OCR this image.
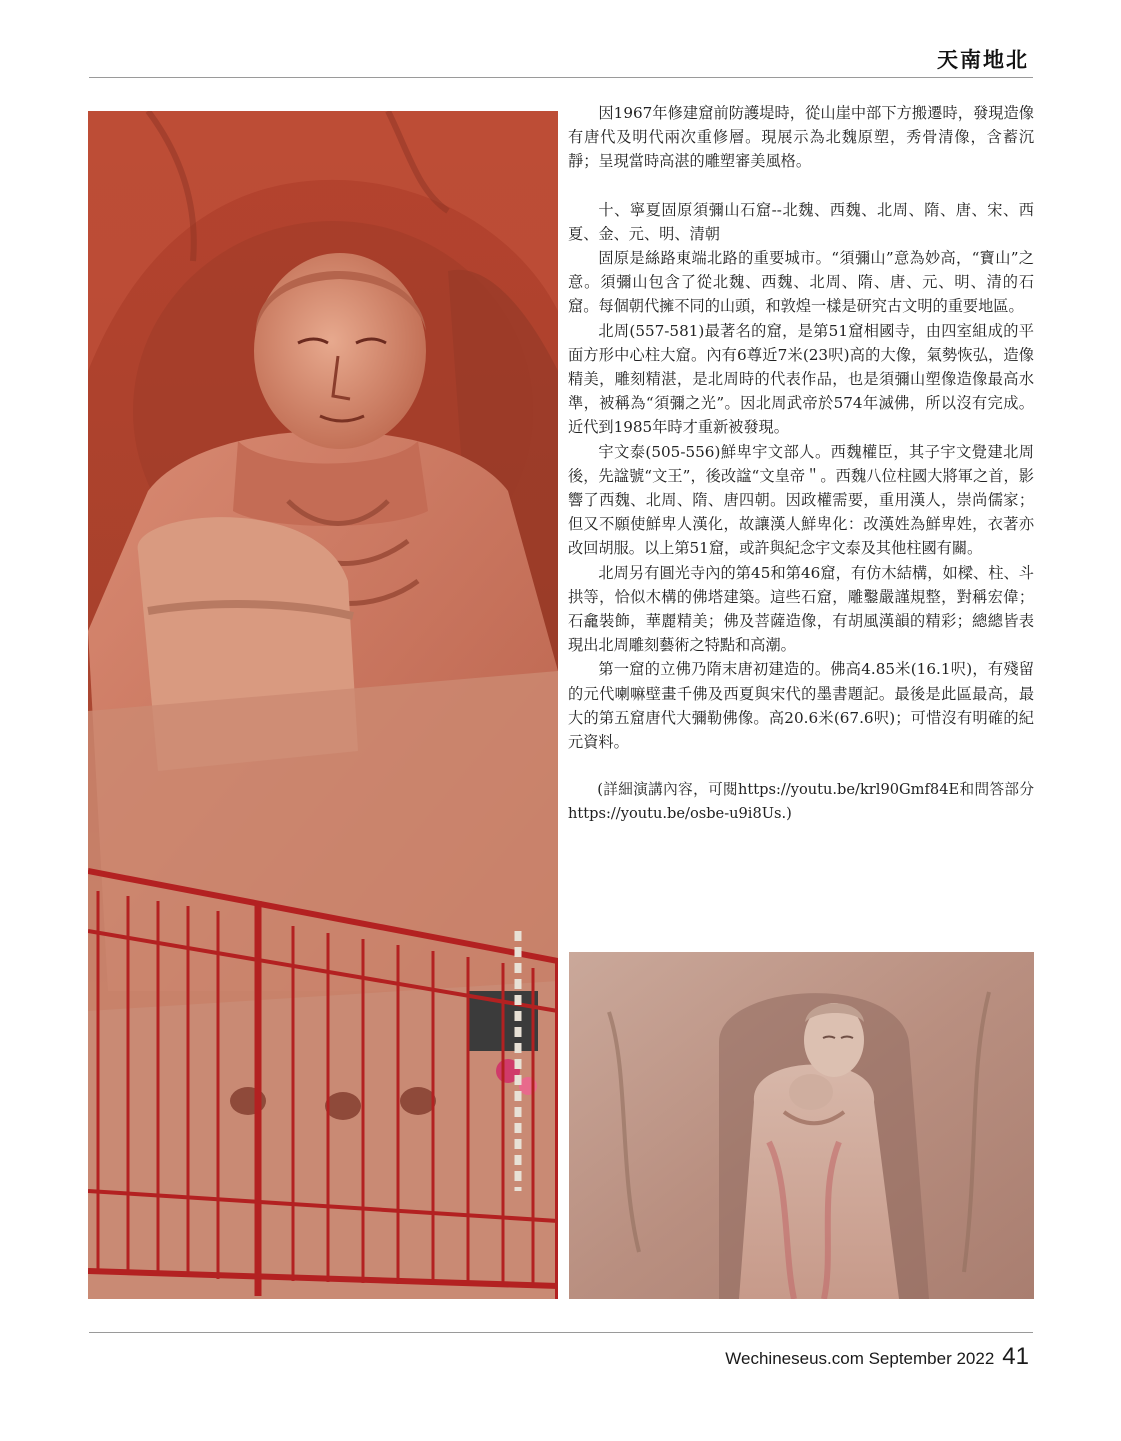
天南地北

因1967年修建窟前防護堤時，從山崖中部下方搬遷時，發現造像有唐代及明代兩次重修層。現展示為北魏原塑，秀骨清像，含蓄沉靜；呈現當時高湛的雕塑審美風格。

十、寧夏固原須彌山石窟--北魏、西魏、北周、隋、唐、宋、西夏、金、元、明、清朝

固原是絲路東端北路的重要城市。“須彌山”意為妙高，“寶山”之意。須彌山包含了從北魏、西魏、北周、隋、唐、元、明、清的石窟。每個朝代擁不同的山頭，和敦煌一樣是研究古文明的重要地區。

北周(557-581)最著名的窟，是第51窟相國寺，由四室組成的平面方形中心柱大窟。內有6尊近7米(23呎)高的大像，氣勢恢弘，造像精美，雕刻精湛，是北周時的代表作品，也是須彌山塑像造像最高水準，被稱為“須彌之光”。因北周武帝於574年滅佛，所以沒有完成。近代到1985年時才重新被發現。

宇文泰(505-556)鮮卑宇文部人。西魏權臣，其子宇文覺建北周後，先諡號“文王”，後改諡“文皇帝＂。西魏八位柱國大將軍之首，影響了西魏、北周、隋、唐四朝。因政權需要，重用漢人，崇尚儒家；但又不願使鮮卑人漢化，故讓漢人鮮卑化：改漢姓為鮮卑姓，衣著亦改回胡服。以上第51窟，或許與紀念宇文泰及其他柱國有關。

北周另有圓光寺內的第45和第46窟，有仿木結構，如樑、柱、斗拱等，恰似木構的佛塔建築。這些石窟，雕鑿嚴謹規整，對稱宏偉；石龕裝飾，華麗精美；佛及菩薩造像，有胡風漢韻的精彩；總總皆表現出北周雕刻藝術之特點和高潮。

第一窟的立佛乃隋末唐初建造的。佛高4.85米(16.1呎)，有殘留的元代喇嘛壁畫千佛及西夏與宋代的墨書題記。最後是此區最高，最大的第五窟唐代大彌勒佛像。高20.6米(67.6呎)；可惜沒有明確的紀元資料。

(詳細演講內容，可閱https://youtu.be/krl90Gmf84E和問答部分https://youtu.be/osbe-u9i8Us.)

Wechineseus.com September 2022 41
